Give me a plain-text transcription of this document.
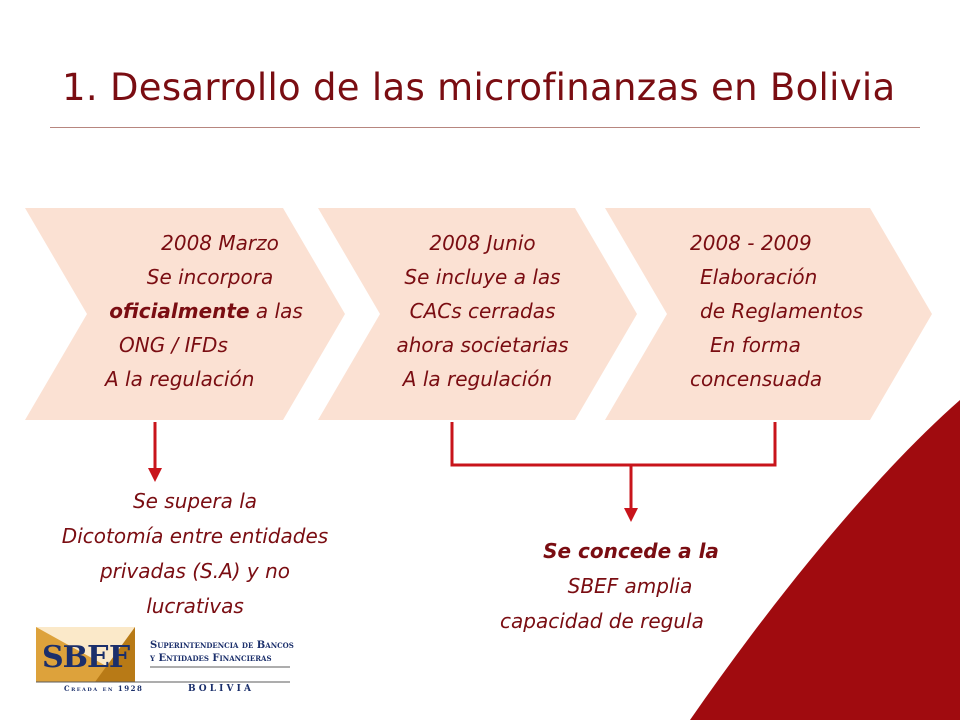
1. Desarrollo de las microfinanzas en Bolivia
2008 Marzo
Se incorpora
oficialmente a las
ONG / IFDs
A la regulación
2008 Junio
Se incluye a las
CACs cerradas
ahora societarias
A la regulación
2008 - 2009
Elaboración
de Reglamentos
En forma
concensuada
Se supera la
Dicotomía entre entidades
privadas (S.A) y no
lucrativas
Se concede a la
SBEF amplia
capacidad de regula
SBEF Superintendencia de Bancos
y Entidades Financieras
B O L I V I A
Creada en 1928
